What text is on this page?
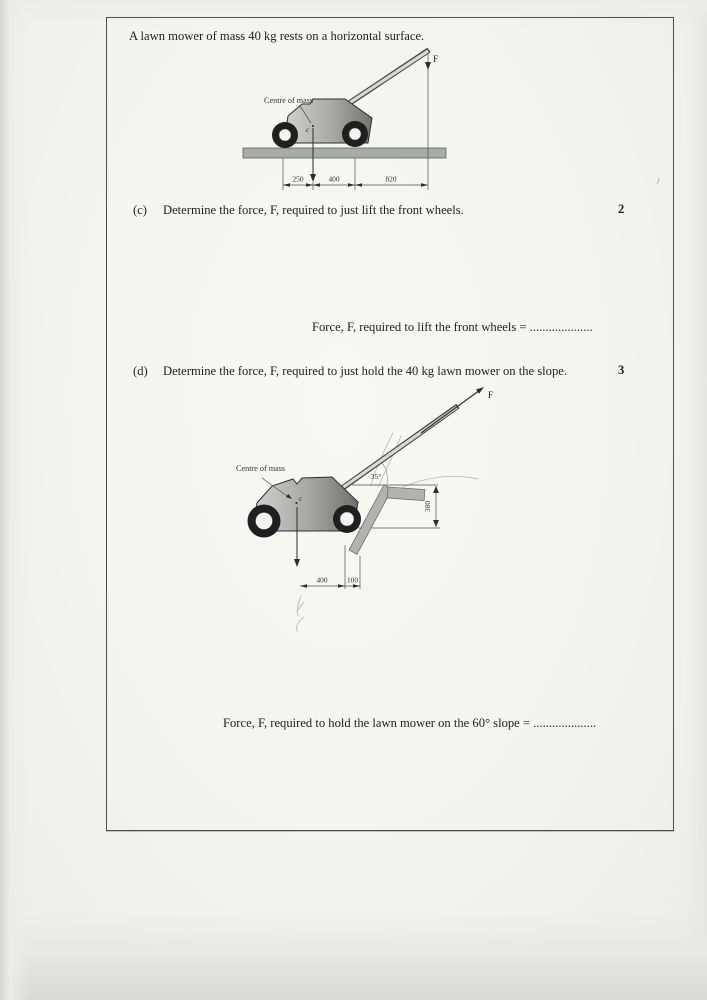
A lawn mower of mass 40 kg rests on a horizontal surface.
Centre of mass
c
F
250	400	820
(c) Determine the force, F, required to just lift the front wheels.	2
Force, F, required to lift the front wheels = ....................
(d) Determine the force, F, required to just hold the 40 kg lawn mower on the slope.	3
35°
380
F
Centre of mass
c
400	100
Force, F, required to hold the lawn mower on the 60° slope = ....................
